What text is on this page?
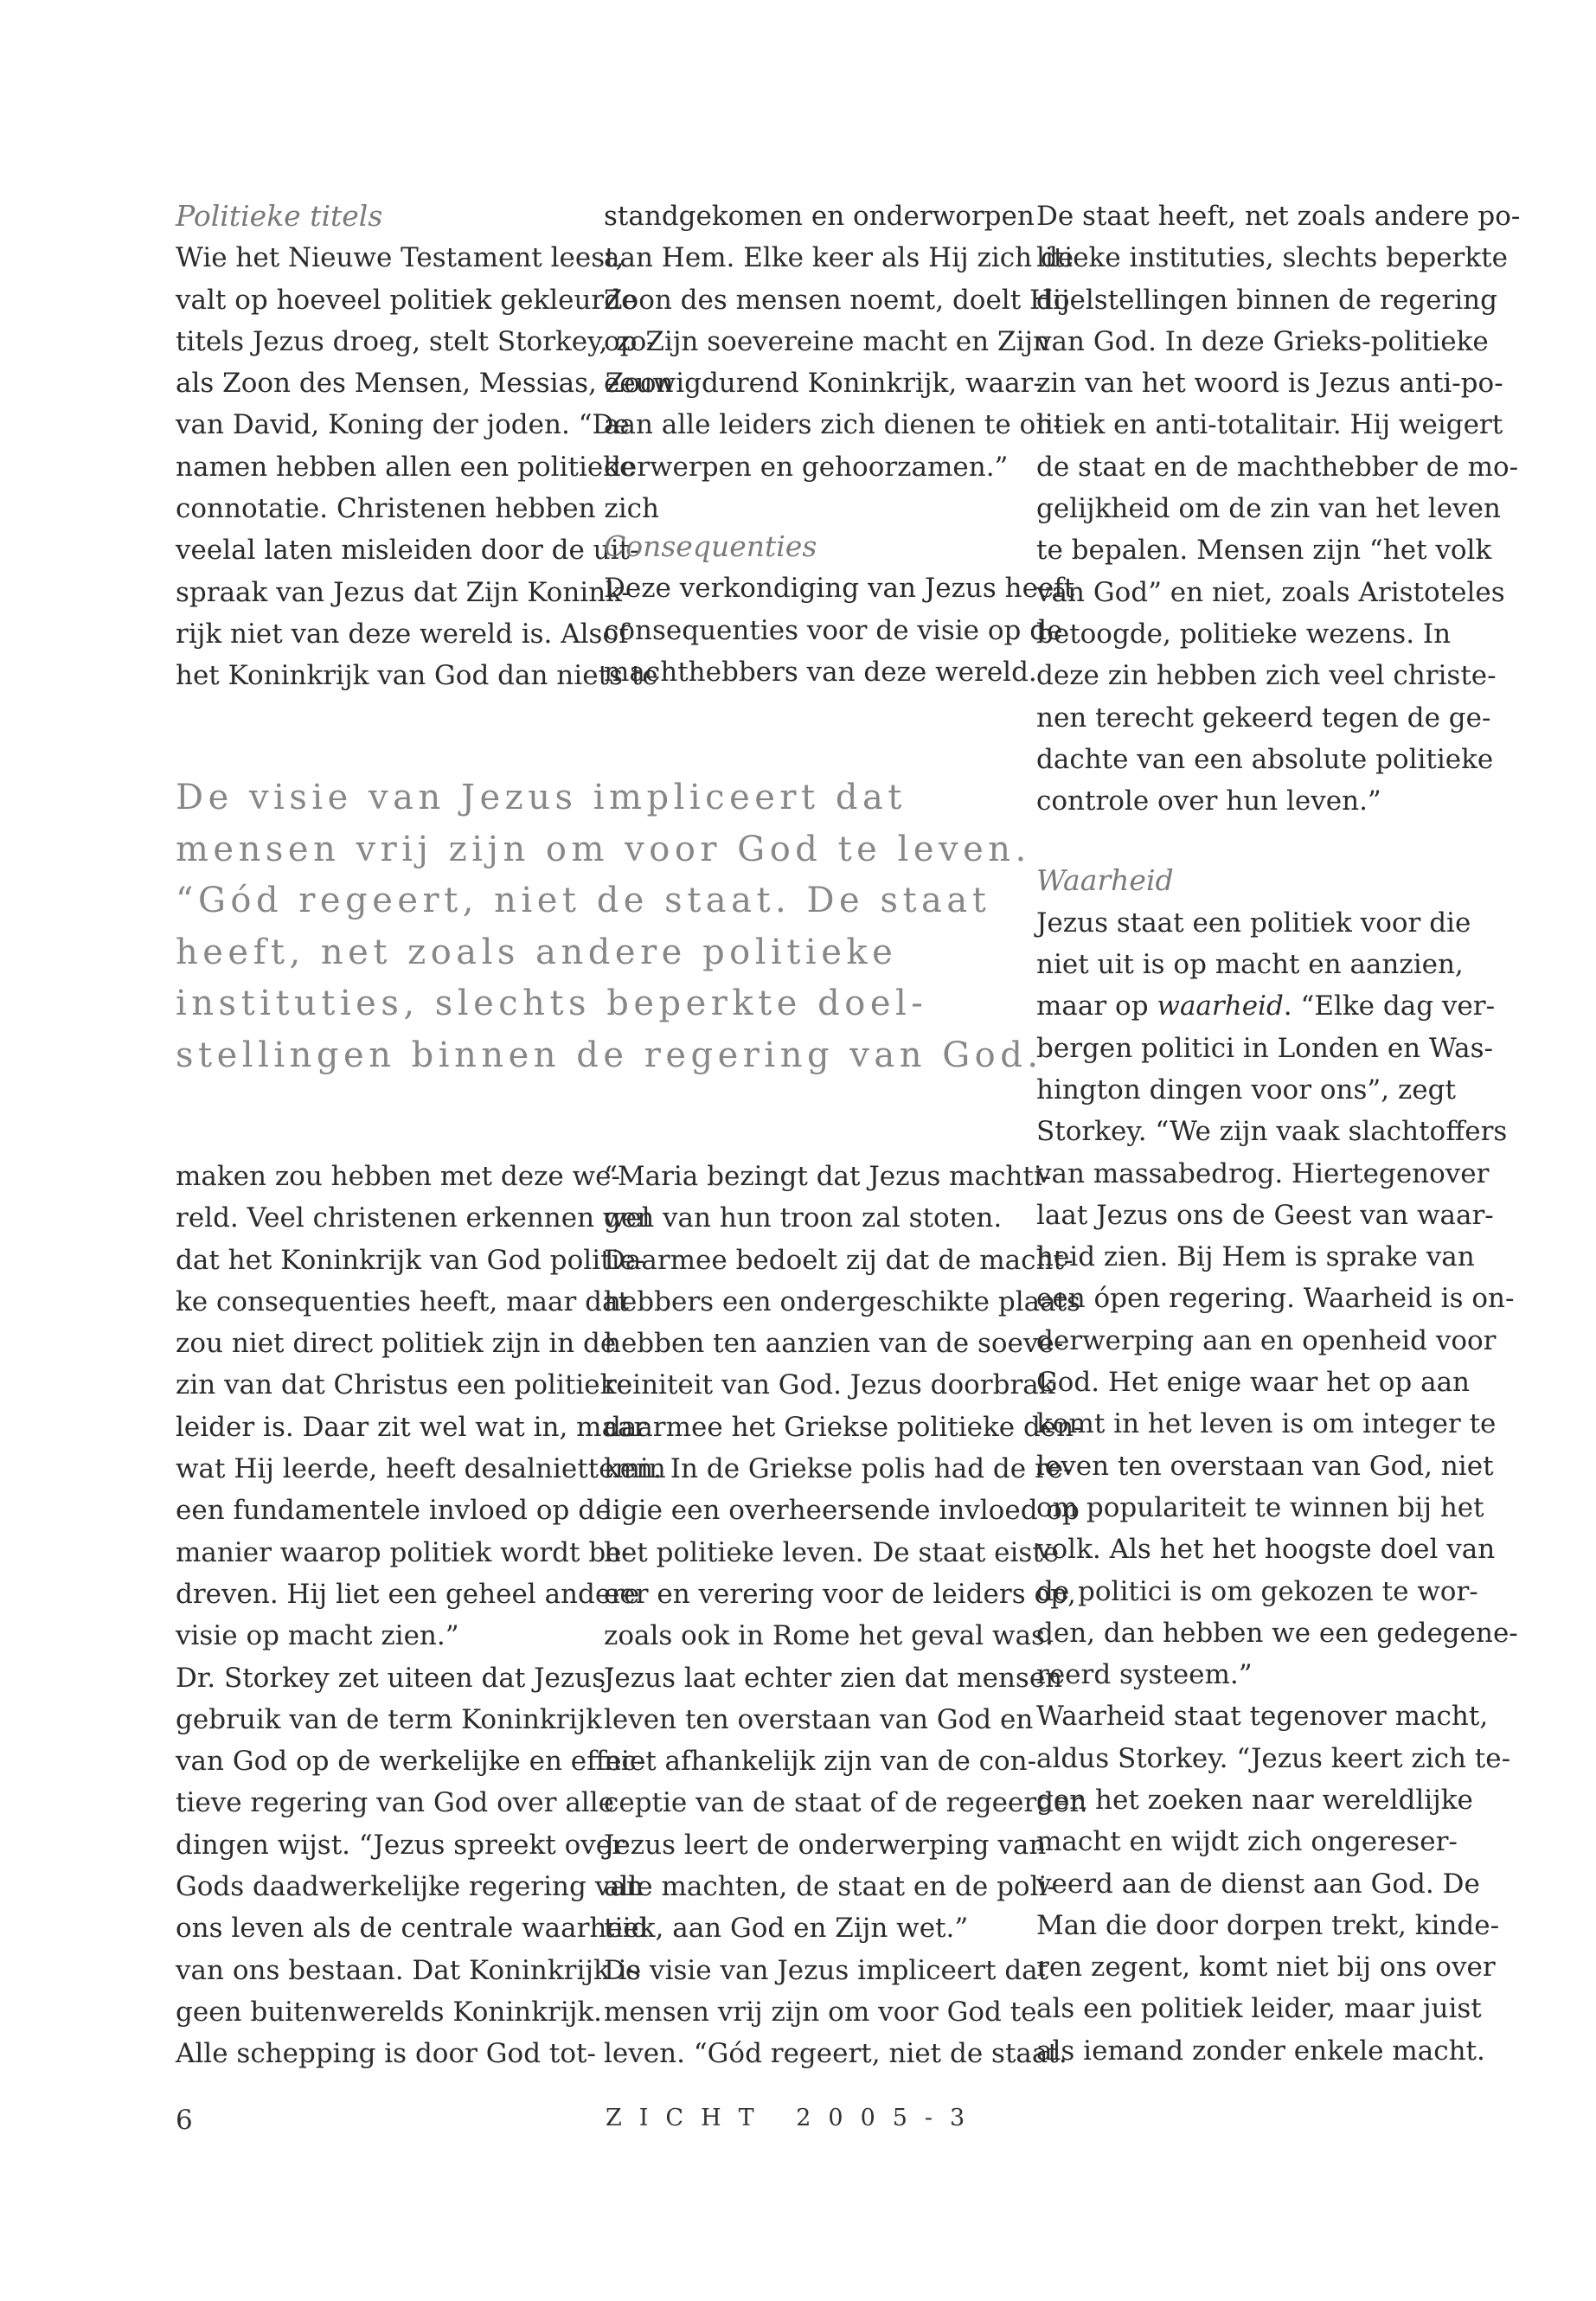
Politieke titels
Wie het Nieuwe Testament leest,
valt op hoeveel politiek gekleurde
titels Jezus droeg, stelt Storkey, zo-
als Zoon des Mensen, Messias, Zoon
van David, Koning der joden. “De
namen hebben allen een politieke
connotatie. Christenen hebben zich
veelal laten misleiden door de uit-
spraak van Jezus dat Zijn Konink-
rijk niet van deze wereld is. Alsof
het Koninkrijk van God dan niets te
standgekomen en onderworpen
aan Hem. Elke keer als Hij zich de
Zoon des mensen noemt, doelt Hij
op Zijn soevereine macht en Zijn
eeuwigdurend Koninkrijk, waar-
aan alle leiders zich dienen te on-
derwerpen en gehoorzamen.”
Consequenties
Deze verkondiging van Jezus heeft
consequenties voor de visie op de
machthebbers van deze wereld.
De visie van Jezus impliceert dat
mensen vrij zijn om voor God te leven.
“Gód regeert, niet de staat. De staat
heeft, net zoals andere politieke
instituties, slechts beperkte doel-
stellingen binnen de regering van God.
De staat heeft, net zoals andere po-
litieke instituties, slechts beperkte
doelstellingen binnen de regering
van God. In deze Grieks-politieke
zin van het woord is Jezus anti-po-
litiek en anti-totalitair. Hij weigert
de staat en de machthebber de mo-
gelijkheid om de zin van het leven
te bepalen. Mensen zijn “het volk
van God” en niet, zoals Aristoteles
betoogde, politieke wezens. In
deze zin hebben zich veel christe-
nen terecht gekeerd tegen de ge-
dachte van een absolute politieke
controle over hun leven.”
Waarheid
Jezus staat een politiek voor die
niet uit is op macht en aanzien,
maar op waarheid. “Elke dag ver-
bergen politici in Londen en Was-
hington dingen voor ons”, zegt
Storkey. “We zijn vaak slachtoffers
van massabedrog. Hiertegenover
laat Jezus ons de Geest van waar-
heid zien. Bij Hem is sprake van
een ópen regering. Waarheid is on-
derwerping aan en openheid voor
God. Het enige waar het op aan
komt in het leven is om integer te
leven ten overstaan van God, niet
om populariteit te winnen bij het
volk. Als het het hoogste doel van
de politici is om gekozen te wor-
den, dan hebben we een gedegene-
reerd systeem.”
Waarheid staat tegenover macht,
aldus Storkey. “Jezus keert zich te-
gen het zoeken naar wereldlijke
macht en wijdt zich ongereser-
veerd aan de dienst aan God. De
Man die door dorpen trekt, kinde-
ren zegent, komt niet bij ons over
als een politiek leider, maar juist
als iemand zonder enkele macht.
maken zou hebben met deze we-
reld. Veel christenen erkennen wel
dat het Koninkrijk van God politie-
ke consequenties heeft, maar dat
zou niet direct politiek zijn in de
zin van dat Christus een politieke
leider is. Daar zit wel wat in, maar
wat Hij leerde, heeft desalniettemin
een fundamentele invloed op de
manier waarop politiek wordt be-
dreven. Hij liet een geheel andere
visie op macht zien.”
Dr. Storkey zet uiteen dat Jezus’
gebruik van de term Koninkrijk
van God op de werkelijke en effec-
tieve regering van God over alle
dingen wijst. “Jezus spreekt over
Gods daadwerkelijke regering van
ons leven als de centrale waarheid
van ons bestaan. Dat Koninkrijk is
geen buitenwerelds Koninkrijk.
Alle schepping is door God tot-
“Maria bezingt dat Jezus machti-
gen van hun troon zal stoten.
Daarmee bedoelt zij dat de macht-
hebbers een ondergeschikte plaats
hebben ten aanzien van de soeve-
reiniteit van God. Jezus doorbrak
daarmee het Griekse politieke den-
ken. In de Griekse polis had de re-
ligie een overheersende invloed op
het politieke leven. De staat eiste
eer en verering voor de leiders op,
zoals ook in Rome het geval was.
Jezus laat echter zien dat mensen
leven ten overstaan van God en
niet afhankelijk zijn van de con-
ceptie van de staat of de regeerder.
Jezus leert de onderwerping van
alle machten, de staat en de poli-
tiek, aan God en Zijn wet.”
De visie van Jezus impliceert dat
mensen vrij zijn om voor God te
leven. “Gód regeert, niet de staat.
6	ZICHT 2005-3
